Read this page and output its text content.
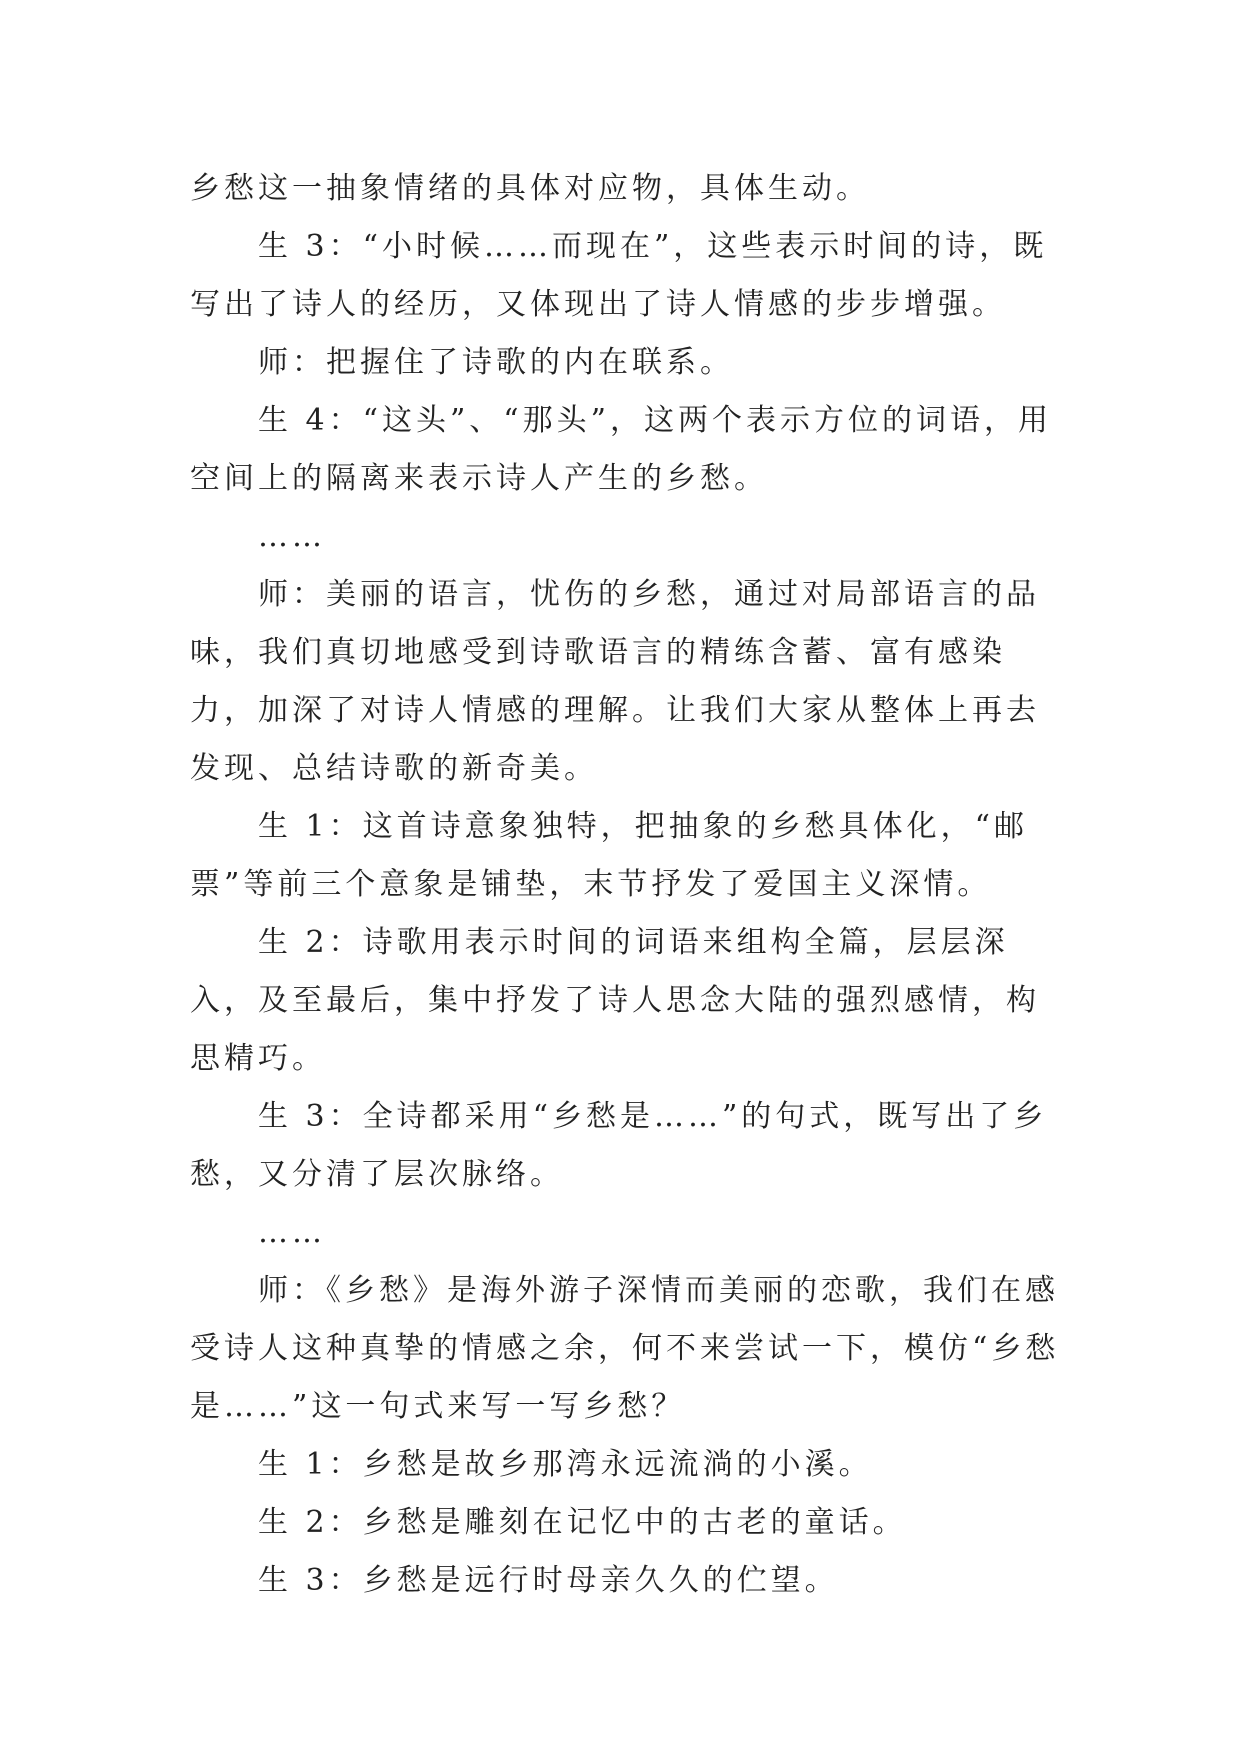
乡愁这一抽象情绪的具体对应物，具体生动。

生 3：“小时候……而现在”，这些表示时间的诗，既写出了诗人的经历，又体现出了诗人情感的步步增强。

师：把握住了诗歌的内在联系。

生 4：“这头”、“那头”，这两个表示方位的词语，用空间上的隔离来表示诗人产生的乡愁。

……

师：美丽的语言，忧伤的乡愁，通过对局部语言的品味，我们真切地感受到诗歌语言的精练含蓄、富有感染力，加深了对诗人情感的理解。让我们大家从整体上再去发现、总结诗歌的新奇美。

生 1：这首诗意象独特，把抽象的乡愁具体化，“邮票”等前三个意象是铺垫，末节抒发了爱国主义深情。

生 2：诗歌用表示时间的词语来组构全篇，层层深入，及至最后，集中抒发了诗人思念大陆的强烈感情，构思精巧。

生 3：全诗都采用“乡愁是……”的句式，既写出了乡愁，又分清了层次脉络。

……

师：《乡愁》是海外游子深情而美丽的恋歌，我们在感受诗人这种真挚的情感之余，何不来尝试一下，模仿“乡愁是……”这一句式来写一写乡愁？

生 1：乡愁是故乡那湾永远流淌的小溪。

生 2：乡愁是雕刻在记忆中的古老的童话。

生 3：乡愁是远行时母亲久久的伫望。
